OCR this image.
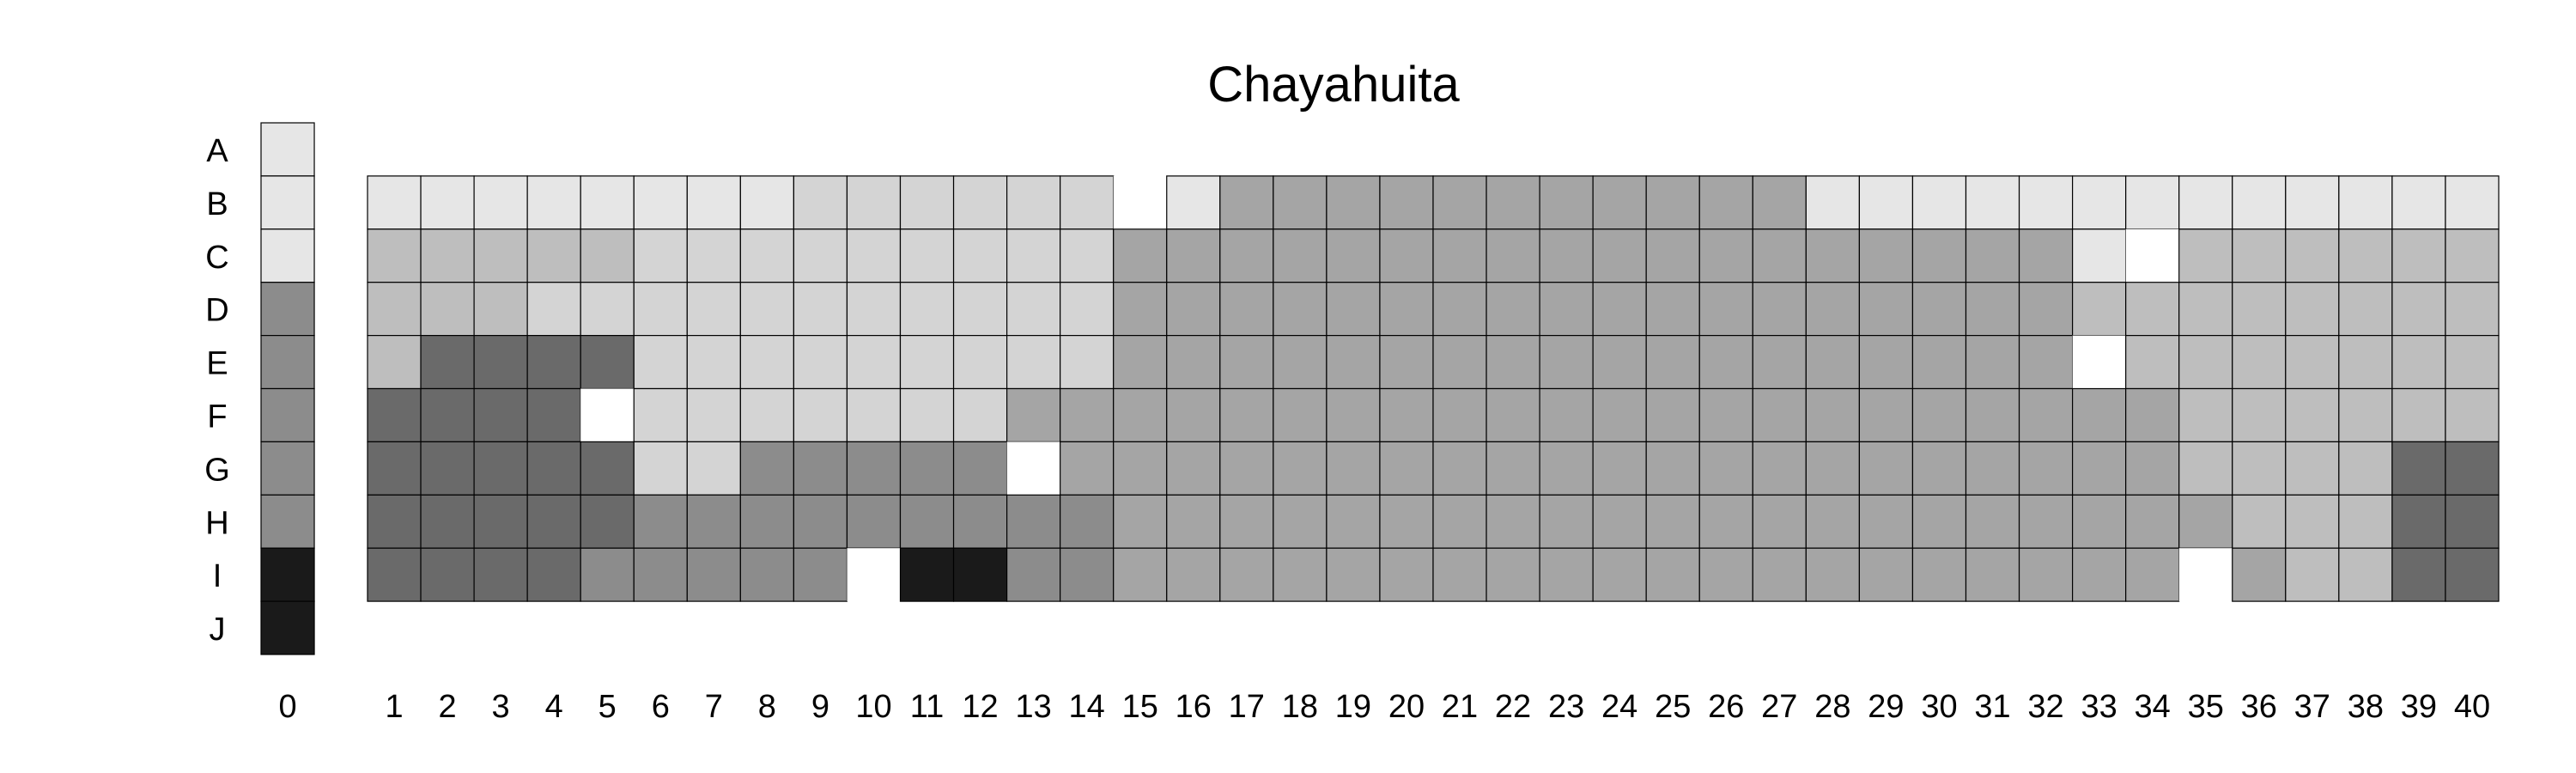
Chayahuita
A
B
C
D
E
F
G
H
I
J
0	1 2 3 4 5 6 7 8 9 10 11 12 13 14 15 16 17 18 19 20 21 22 23 24 25 26 27 28 29 30 31 32 33 34 35 36 37 38 39 40
